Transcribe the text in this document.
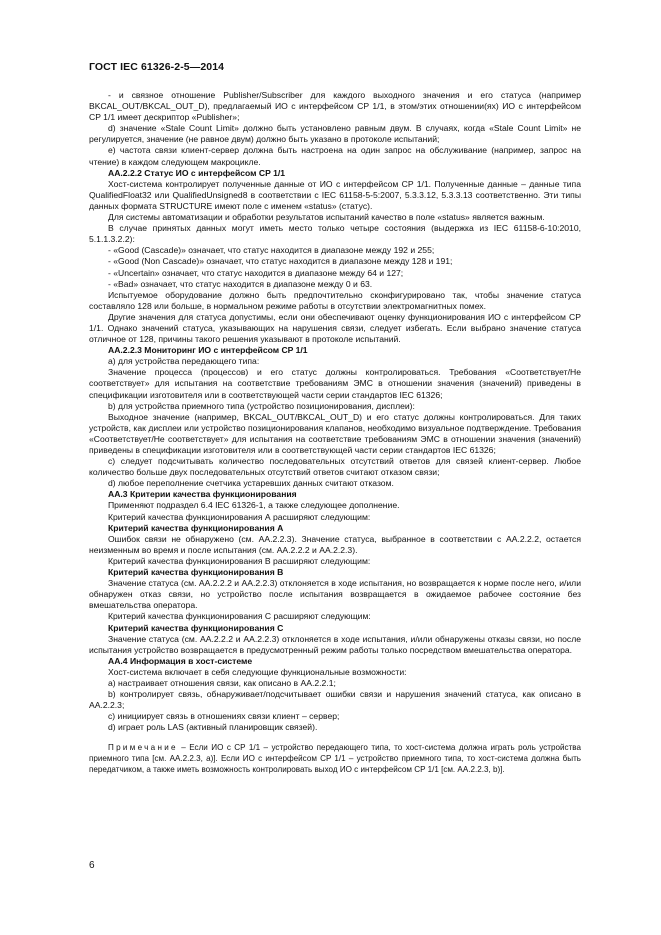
ГОСТ IEC 61326-2-5—2014

- и связное отношение Publisher/Subscriber для каждого выходного значения и его статуса (например BKCAL_OUT/BKCAL_OUT_D), предлагаемый ИО с интерфейсом CP 1/1, в этом/этих отношении(ях) ИО с интерфейсом CP 1/1 имеет дескриптор «Publisher»;

d) значение «Stale Count Limit» должно быть установлено равным двум. В случаях, когда «Stale Count Limit» не регулируется, значение (не равное двум) должно быть указано в протоколе испытаний;

e) частота связи клиент-сервер должна быть настроена на один запрос на обслуживание (например, запрос на чтение) в каждом следующем макроцикле.

АА.2.2.2 Статус ИО с интерфейсом CP 1/1

Хост-система контролирует полученные данные от ИО с интерфейсом CP 1/1. Полученные данные – данные типа QualifiedFloat32 или QualifiedUnsigned8 в соответствии с IEC 61158-5-5:2007, 5.3.3.12, 5.3.3.13 соответственно. Эти типы данных формата STRUCTURE имеют поле с именем «status» (статус).

Для системы автоматизации и обработки результатов испытаний качество в поле «status» является важным.

В случае принятых данных могут иметь место только четыре состояния (выдержка из IEC 61158-6-10:2010, 5.1.1.3.2.2):

- «Good (Cascade)» означает, что статус находится в диапазоне между 192 и 255;

- «Good (Non Cascade)» означает, что статус находится в диапазоне между 128 и 191;

- «Uncertain» означает, что статус находится в диапазоне между 64 и 127;

- «Bad» означает, что статус находится в диапазоне между 0 и 63.

Испытуемое оборудование должно быть предпочтительно сконфигурировано так, чтобы значение статуса составляло 128 или больше, в нормальном режиме работы в отсутствии электромагнитных помех.

Другие значения для статуса допустимы, если они обеспечивают оценку функционирования ИО с интерфейсом CP 1/1. Однако значений статуса, указывающих на нарушения связи, следует избегать. Если выбрано значение статуса отличное от 128, причины такого решения указывают в протоколе испытаний.

АА.2.2.3 Мониторинг ИО с интерфейсом CP 1/1

a) для устройства передающего типа:

Значение процесса (процессов) и его статус должны контролироваться. Требования «Соответствует/Не соответствует» для испытания на соответствие требованиям ЭМС в отношении значения (значений) приведены в спецификации изготовителя или в соответствующей части серии стандартов IEC 61326;

b) для устройства приемного типа (устройство позиционирования, дисплеи):

Выходное значение (например, BKCAL_OUT/BKCAL_OUT_D) и его статус должны контролироваться. Для таких устройств, как дисплеи или устройство позиционирования клапанов, необходимо визуальное подтверждение. Требования «Соответствует/Не соответствует» для испытания на соответствие требованиям ЭМС в отношении значения (значений) приведены в спецификации изготовителя или в соответствующей части серии стандартов IEC 61326;

c) следует подсчитывать количество последовательных отсутствий ответов для связей клиент-сервер. Любое количество больше двух последовательных отсутствий ответов считают отказом связи;

d) любое переполнение счетчика устаревших данных считают отказом.

АА.3 Критерии качества функционирования

Применяют подраздел 6.4 IEC 61326-1, а также следующее дополнение.

Критерий качества функционирования А расширяют следующим:

Критерий качества функционирования А

Ошибок связи не обнаружено (см. АА.2.2.3). Значение статуса, выбранное в соответствии с АА.2.2.2, остается неизменным во время и после испытания (см. АА.2.2.2 и АА.2.2.3).

Критерий качества функционирования В расширяют следующим:

Критерий качества функционирования В

Значение статуса (см. АА.2.2.2 и АА.2.2.3) отклоняется в ходе испытания, но возвращается к норме после него, и/или обнаружен отказ связи, но устройство после испытания возвращается в ожидаемое рабочее состояние без вмешательства оператора.

Критерий качества функционирования С расширяют следующим:

Критерий качества функционирования С

Значение статуса (см. АА.2.2.2 и АА.2.2.3) отклоняется в ходе испытания, и/или обнаружены отказы связи, но после испытания устройство возвращается в предусмотренный режим работы только посредством вмешательства оператора.

АА.4 Информация в хост-системе

Хост-система включает в себя следующие функциональные возможности:

a) настраивает отношения связи, как описано в АА.2.2.1;

b) контролирует связь, обнаруживает/подсчитывает ошибки связи и нарушения значений статуса, как описано в АА.2.2.3;

c) инициирует связь в отношениях связи клиент – сервер;

d) играет роль LAS (активный планировщик связей).

Примечание – Если ИО с CP 1/1 – устройство передающего типа, то хост-система должна играть роль устройства приемного типа [см. АА.2.2.3, а)]. Если ИО с интерфейсом CP 1/1 – устройство приемного типа, то хост-система должна быть передатчиком, а также иметь возможность контролировать выход ИО с интерфейсом CP 1/1 [см. АА.2.2.3, b)].

6
